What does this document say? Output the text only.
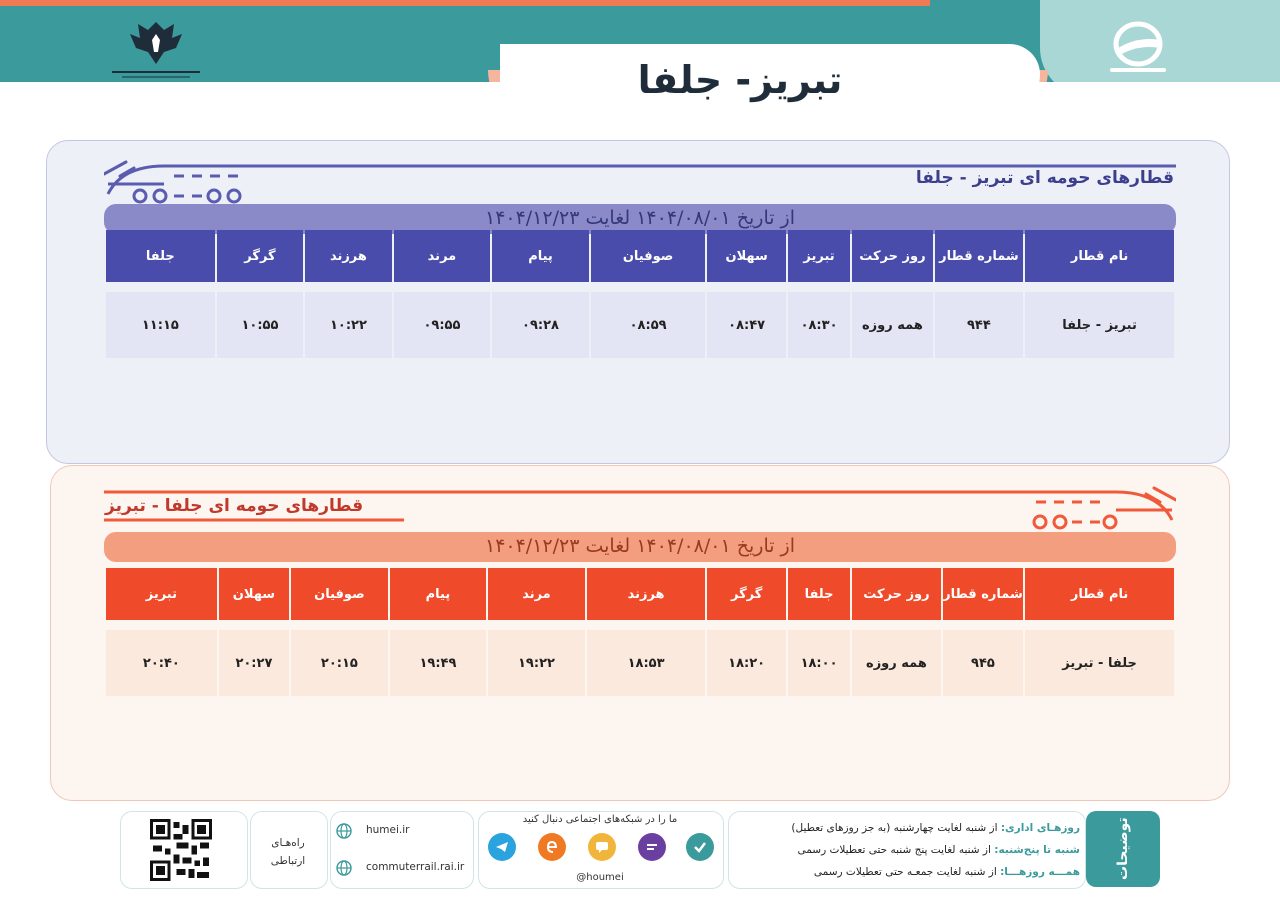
تبریز- جلفا
قطارهای حومه ای تبریز - جلفا
از تاریخ ۱۴۰۴/۰۸/۰۱ لغایت ۱۴۰۴/۱۲/۲۳
نام قطار	شماره قطار	روز حرکت	تبریز	سهلان	صوفیان	پیام	مرند	هرزند	گرگر	جلفا

تبریز - جلفا	۹۴۴	همه روزه	۰۸:۳۰	۰۸:۴۷	۰۸:۵۹	۰۹:۲۸	۰۹:۵۵	۱۰:۲۲	۱۰:۵۵	۱۱:۱۵
قطارهای حومه ای جلفا - تبریز
از تاریخ ۱۴۰۴/۰۸/۰۱ لغایت ۱۴۰۴/۱۲/۲۳
نام قطار	شماره قطار	روز حرکت	جلفا	گرگر	هرزند	مرند	پیام	صوفیان	سهلان	تبریز

جلفا - تبریز	۹۴۵	همه روزه	۱۸:۰۰	۱۸:۲۰	۱۸:۵۳	۱۹:۲۲	۱۹:۴۹	۲۰:۱۵	۲۰:۲۷	۲۰:۴۰
توضیحات
روزهـای اداری: از شنبه لغایت چهارشنبه (به جز روزهای تعطیل)
شنبه تا پنج‌شنبه: از شنبه لغایت پنج شنبه حتی تعطیلات رسمی
همـــه روزهـــا: از شنبه لغایت جمعـه حتی تعطیلات رسمی
ما را در شبکه‌های اجتماعی دنبال کنید
@houmei
humei.ir
commuterrail.rai.ir
راه‌هـای
ارتباطی
